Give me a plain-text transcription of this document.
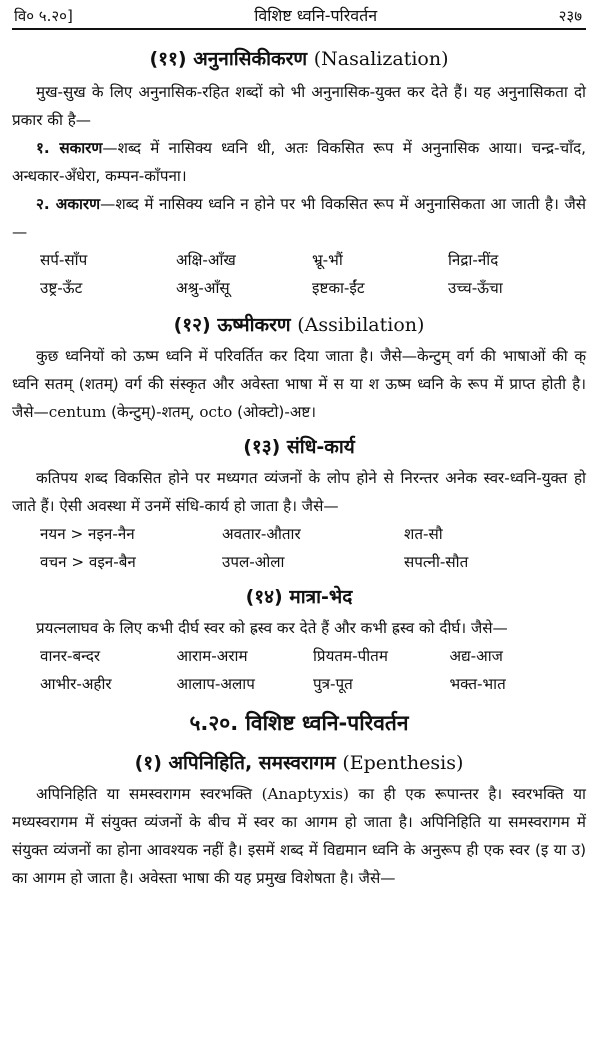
वि० ५.२०]	विशिष्ट ध्वनि-परिवर्तन	२३७
(११) अनुनासिकीकरण (Nasalization)

मुख-सुख के लिए अनुनासिक-रहित शब्दों को भी अनुनासिक-युक्त कर देते हैं। यह अनुनासिकता दो प्रकार की है—

१. सकारण—शब्द में नासिक्य ध्वनि थी, अतः विकसित रूप में अनुनासिक आया। चन्द्र-चाँद, अन्धकार-अँधेरा, कम्पन-काँपना।

२. अकारण—शब्द में नासिक्य ध्वनि न होने पर भी विकसित रूप में अनुनासिकता आ जाती है। जैसे—

सर्प-साँप	अक्षि-आँख	भ्रू-भौं	निद्रा-नींद
उष्ट्र-ऊँट	अश्रु-आँसू	इष्टका-ईंट	उच्च-ऊँचा
(१२) ऊष्मीकरण (Assibilation)

कुछ ध्वनियों को ऊष्म ध्वनि में परिवर्तित कर दिया जाता है। जैसे—केन्टुम् वर्ग की भाषाओं की क् ध्वनि सतम् (शतम्) वर्ग की संस्कृत और अवेस्ता भाषा में स या श ऊष्म ध्वनि के रूप में प्राप्त होती है। जैसे—centum (केन्टुम्)-शतम्, octo (ओक्टो)-अष्ट।

(१३) संधि-कार्य

कतिपय शब्द विकसित होने पर मध्यगत व्यंजनों के लोप होने से निरन्तर अनेक स्वर-ध्वनि-युक्त हो जाते हैं। ऐसी अवस्था में उनमें संधि-कार्य हो जाता है। जैसे—

नयन > नइन-नैन	अवतार-औतार	शत-सौ
वचन > वइन-बैन	उपल-ओला	सपत्नी-सौत
(१४) मात्रा-भेद

प्रयत्नलाघव के लिए कभी दीर्घ स्वर को ह्रस्व कर देते हैं और कभी ह्रस्व को दीर्घ। जैसे—

वानर-बन्दर	आराम-अराम	प्रियतम-पीतम	अद्य-आज
आभीर-अहीर	आलाप-अलाप	पुत्र-पूत	भक्त-भात
५.२०. विशिष्ट ध्वनि-परिवर्तन
(१) अपिनिहिति, समस्वरागम (Epenthesis)

अपिनिहिति या समस्वरागम स्वरभक्ति (Anaptyxis) का ही एक रूपान्तर है। स्वरभक्ति या मध्यस्वरागम में संयुक्त व्यंजनों के बीच में स्वर का आगम हो जाता है। अपिनिहिति या समस्वरागम में संयुक्त व्यंजनों का होना आवश्यक नहीं है। इसमें शब्द में विद्यमान ध्वनि के अनुरूप ही एक स्वर (इ या उ) का आगम हो जाता है। अवेस्ता भाषा की यह प्रमुख विशेषता है। जैसे—
